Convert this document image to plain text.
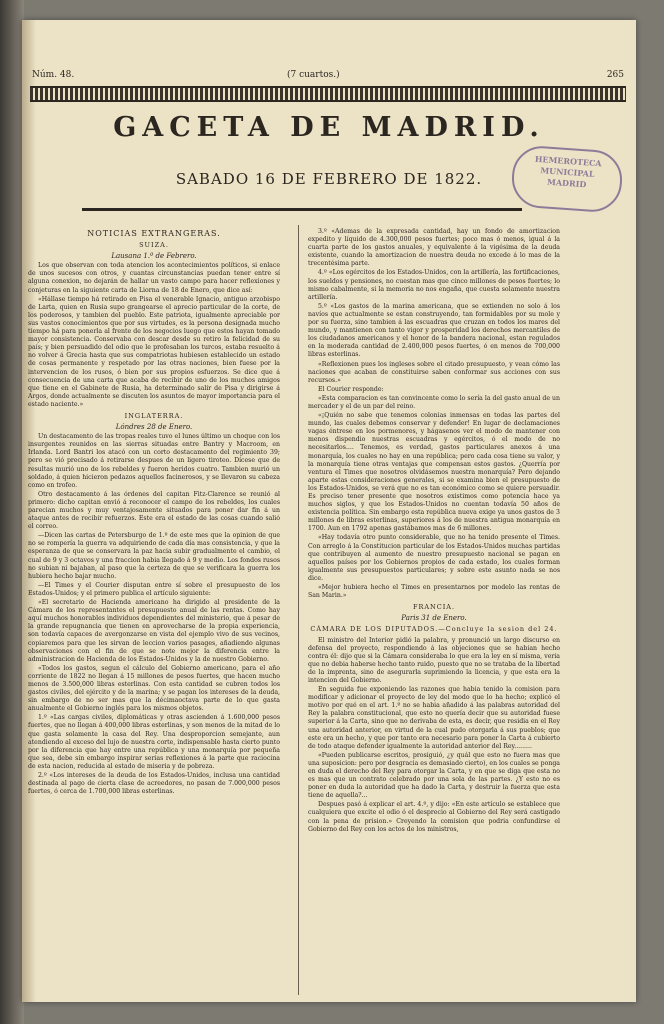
Núm. 48.	(7 cuartos.)	265
GACETA DE MADRID.
SABADO 16 DE FEBRERO DE 1822.
HEMEROTECA
MUNICIPAL
MADRID
NOTICIAS EXTRANGERAS.
SUIZA.
Lausana 1.º de Febrero.

Los que observan con toda atencion los acontecimientos políticos, si enlace de unos sucesos con otros, y cuantas circunstancias puedan tener entre sí alguna conexion, no dejarán de hallar un vasto campo para hacer reflexiones y conjeturas en la siguiente carta de Liorna de 18 de Enero, que dice así:

«Hállase tiempo há retirado en Pisa el venerable Ignacio, antiguo arzobispo de Larta, quien en Rusia supo grangearse el aprecio particular de la corte, de los poderosos, y tambien del pueblo. Este patriota, igualmente apreciable por sus vastos conocimientos que por sus virtudes, es la persona designada mucho tiempo há para ponerla al frente de los negocios luego que estos hayan tomado mayor consistencia. Conservaba con descar desde su retiro la felicidad de su país; y bien persuadido del odio que le profesaban los turcos, estaba resuelto á no volver á Grecia hasta que sus compatriotas hubiesen establecido un estado de cosas permanente y respetado por las otras naciones, bien fuese por la intervencion de los rusos, ó bien por sus propios esfuerzos. Se dice que á consecuencia de una carta que acaba de recibir de uno de los muchos amigos que tiene en el Gabinete de Rusia, ha determinado salir de Pisa y dirigirse á Argos, donde actualmente se discuten los asuntos de mayor importancia para el estado naciente.»

INGLATERRA.
Lóndres 28 de Enero.

Un destacamento de las tropas reales tuvo el lunes último un choque con los insurgentes reunidos en las sierras situadas entre Bantry y Macroom, en Irlanda. Lord Bantri los atacó con un corto destacamento del regimiento 39; pero se vió precisado á retirarse despues de un ligero tiroteo. Dícese que de resultas murió uno de los rebeldes y fueron heridos cuatro. Tambien murió un soldado, á quien hicieron pedazos aquellos facinerosos, y se llevaron su cabeza como en trofeo.

Otro destacamento á las órdenes del capitan Fitz-Clarence se reunió al primero: dicho capitan envió á reconocer el campo de los rebeldes, los cuales parecian muchos y muy ventajosamente situados para poner dar fin á un ataque antes de recibir refuerzos. Este era el estado de las cosas cuando salió el correo.

—Dicen las cartas de Petersburgo de 1.º de este mes que la opinion de que no se rompería la guerra va adquiriendo de cada día mas consistencia, y que la esperanza de que se conservara la paz hacia subir gradualmente el cambio, el cual de 9 y 3 octavos y una fraccion habia llegado á 9 y medio. Los fondos rusos no subian ni bajaban, al paso que la certeza de que se verificara la guerra los hubiera hecho bajar mucho.

—El Times y el Courier disputan entre sí sobre el presupuesto de los Estados-Unidos; y el primero publica el artículo siguiente:

«El secretario de Hacienda americano ha dirigido al presidente de la Cámara de los representantes el presupuesto anual de las rentas. Como hay aquí muchos honorables individuos dependientes del ministerio, que á pesar de la grande repugnancia que tienen en aprovecharse de la propia experiencia, son todavía capaces de avergonzarse en vista del ejemplo vivo de sus vecinos, copiaremos para que les sirvan de leccion varios pasages, añadiendo algunas observaciones con el fin de que se note mejor la diferencia entre la administracion de Hacienda de los Estados-Unidos y la de nuestro Gobierno.

«Todos los gastos, segun el cálculo del Gobierno americano, para el año corriente de 1822 no llegan á 15 millones de pesos fuertes, que hacen mucho menos de 3.500,000 libras esterlinas. Con esta cantidad se cubren todos los gastos civiles, del ejército y de la marina; y se pagan los intereses de la deuda, sin embargo de no ser mas que la décimaoctava parte de lo que gasta anualmente el Gobierno inglés para los mismos objetos.

1.º «Las cargas civiles, diplomáticas y otras ascienden á 1.600,000 pesos fuertes, que no llegan á 400,000 libras esterlinas, y son menos de la mitad de lo que gasta solamente la casa del Rey. Una desproporcion semejante, aun atendiendo al exceso del lujo de nuestra corte, indispensable hasta cierto punto por la diferencia que hay entre una república y una monarquía por pequeña que sea, debe sin embargo inspirar serias reflexiones á la parte que raciocina de esta nacion, reducida al estado de miseria y de pobreza.

2.º «Los intereses de la deuda de los Estados-Unidos, inclusa una cantidad destinada al pago de cierta clase de acreedores, no pasan de 7.000,000 pesos fuertes, ó cerca de 1.700,000 libras esterlinas.

3.º «Ademas de la expresada cantidad, hay un fondo de amortizacion expedito y líquido de 4.300,000 pesos fuertes; poco mas ó menos, igual á la cuarta parte de los gastos anuales, y equivalente á la vigésima de la deuda existente, cuando la amortizacion de nuestra deuda no excede á lo mas de la trecentésima parte.

4.º «Los egércitos de los Estados-Unidos, con la artillería, las fortificaciones, los sueldos y pensiones, no cuestan mas que cinco millones de pesos fuertes; lo mismo cabalmente, si la memoria no nos engaña, que cuesta solamente nuestra artillería.

5.º «Los gastos de la marina americana, que se extienden no solo á los navíos que actualmente se estan construyendo, tan formidables por su mole y por su fuerza, sino tambien á las escuadras que cruzan en todos los mares del mundo, y mantienen con tanto vigor y prosperidad los derechos mercantiles de los ciudadanos americanos y el honor de la bandera nacional, estan regulados en la moderada cantidad de 2.400,000 pesos fuertes, ó en menos de 700,000 libras esterlinas.

«Reflexionen pues los ingleses sobre el citado presupuesto, y vean cómo las naciones que acaban de constituirse saben conformar sus acciones con sus recursos.»

El Courier responde:

«Esta comparacion es tan convincente como lo sería la del gasto anual de un mercader y el de un par del reino.

«¡Quién no sabe que tenemos colonias inmensas en todas las partes del mundo, las cuales debemos conservar y defender! En lugar de declamaciones vagas éntrese en los pormenores, y hágasenos ver el modo de mantener con menos dispendio nuestras escuadras y egércitos, ó el modo de no necesitarlos.... Tenemos, es verdad, gastos particulares anexos á una monarquía, los cuales no hay en una república; pero cada cosa tiene su valor, y la monarquía tiene otras ventajas que compensan estos gastos. ¿Querría por ventura el Times que nosotros olvidásemos nuestra monarquía? Pero dejando aparte estas consideraciones generales, si se examina bien el presupuesto de los Estados-Unidos, se verá que no es tan económico como se quiere persuadir. Es preciso tener presente que nosotros existimos como potencia hace ya muchos siglos, y que los Estados-Unidos no cuentan todavía 50 años de existencia política. Sin embargo esta república nueva exige ya unos gastos de 3 millones de libras esterlinas, superiores á los de nuestra antigua monarquía en 1700. Aun en 1792 apenas gastábamos mas de 6 millones.

«Hay todavía otro punto considerable, que no ha tenido presente el Times. Con arreglo á la Constitucion particular de los Estados-Unidos muchas partidas que contribuyen al aumento de nuestro presupuesto nacional se pagan en aquellos países por los Gobiernos propios de cada estado, los cuales forman igualmente sus presupuestos particulares; y sobre este asunto nada se nos dice.

«Mejor hubiera hecho el Times en presentarnos por modelo las rentas de San Marin.»

FRANCIA.
Paris 31 de Enero.
CÁMARA DE LOS DIPUTADOS.—Concluye la sesion del 24.

El ministro del Interior pidió la palabra, y pronunció un largo discurso en defensa del proyecto, respondiendo á las objeciones que se habian hecho contra él: dijo que si la Cámara consideraba lo que era la ley en sí misma, veria que no debia haberse hecho tanto ruido, puesto que no se trataba de la libertad de la imprenta, sino de asegurarla suprimiendo la licencia, y que esta era la intencion del Gobierno.

En seguida fue exponiendo las razones que habia tenido la comision para modificar y adicionar el proyecto de ley del modo que lo ha hecho; explicó el motivo por qué en el art. 1.º no se habia añadido á las palabras autoridad del Rey la palabra constitucional, que esto no quería decir que su autoridad fuese superior á la Carta, sino que no derivaba de esta, es decir, que residia en el Rey una autoridad anterior, en virtud de la cual pudo otorgarla á sus pueblos; que este era un hecho, y que por tanto era necesario para poner la Carta á cubierto de todo ataque defender igualmente la autoridad anterior del Rey.........

«Pueden publicarse escritos, prosiguió, ¿y quál que esto no fuera mas que una suposicion: pero por desgracia es demasiado cierto), en los cuales se ponga en duda el derecho del Rey para otorgar la Carta, y en que se diga que esta no es mas que un contrato celebrado por una sola de las partes. ¿Y esto no es poner en duda la autoridad que ha dado la Carta, y destruir la fuerza que esta tiene de aquella?...

Despues pasó á explicar el art. 4.º, y dijo: «En este artículo se establece que cualquiera que excite el odio ó el desprecio al Gobierno del Rey será castigado con la pena de prision.» Creyendo la comision que podria confundirse el Gobierno del Rey con los actos de los ministros,
